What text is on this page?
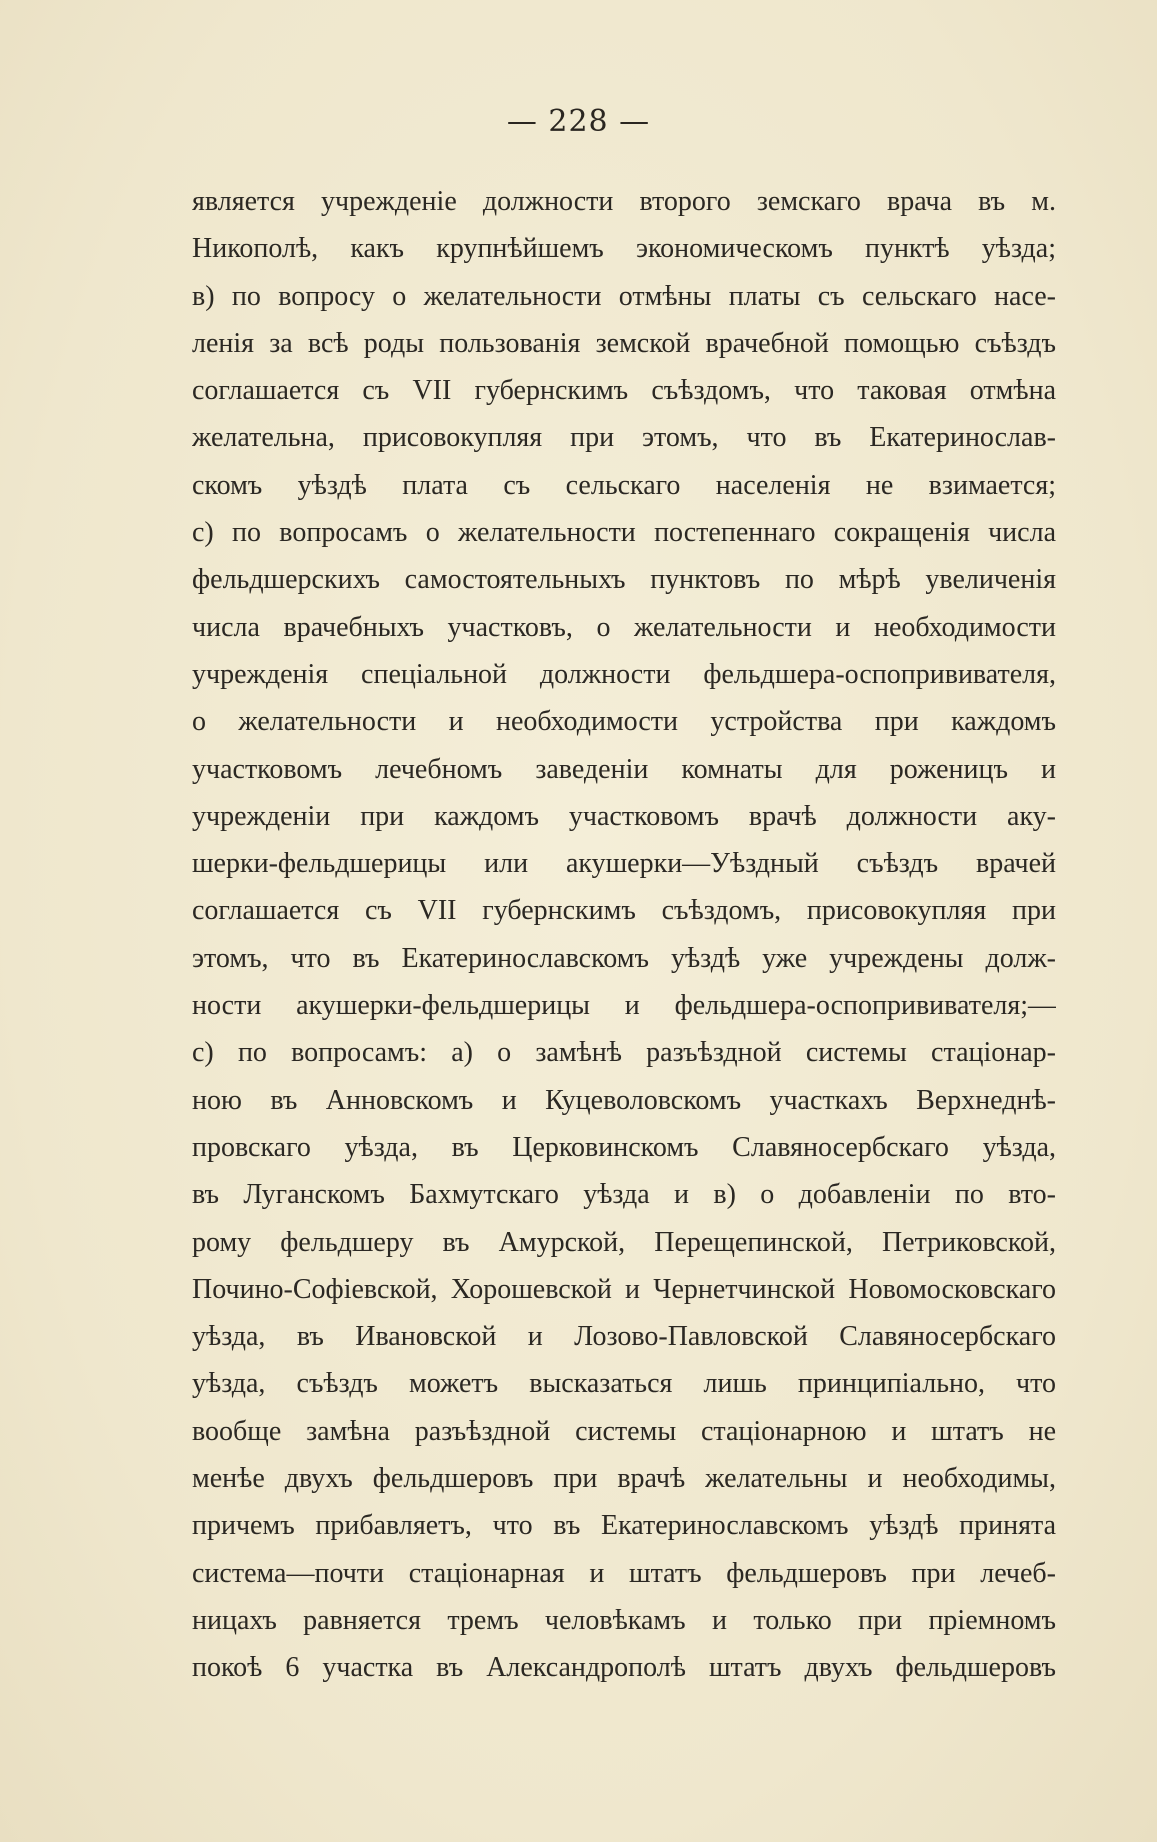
— 228 —
является учрежденіе должности второго земскаго врача въ м.
Никополѣ, какъ крупнѣйшемъ экономическомъ пунктѣ уѣзда;
в) по вопросу о желательности отмѣны платы съ сельскаго насе-
ленія за всѣ роды пользованія земской врачебной помощью съѣздъ
соглашается съ VII губернскимъ съѣздомъ, что таковая отмѣна
желательна, присовокупляя при этомъ, что въ Екатеринослав-
скомъ уѣздѣ плата съ сельскаго населенія не взимается;
с) по вопросамъ о желательности постепеннаго сокращенія числа
фельдшерскихъ самостоятельныхъ пунктовъ по мѣрѣ увеличенія
числа врачебныхъ участковъ, о желательности и необходимости
учрежденія спеціальной должности фельдшера-оспопрививателя,
о желательности и необходимости устройства при каждомъ
участковомъ лечебномъ заведеніи комнаты для роженицъ и
учрежденіи при каждомъ участковомъ врачѣ должности аку-
шерки-фельдшерицы или акушерки—Уѣздный съѣздъ врачей
соглашается съ VII губернскимъ съѣздомъ, присовокупляя при
этомъ, что въ Екатеринославскомъ уѣздѣ уже учреждены долж-
ности акушерки-фельдшерицы и фельдшера-оспопрививателя;—
с) по вопросамъ: а) о замѣнѣ разъѣздной системы стаціонар-
ною въ Анновскомъ и Куцеволовскомъ участкахъ Верхнеднѣ-
провскаго уѣзда, въ Церковинскомъ Славяносербскаго уѣзда,
въ Луганскомъ Бахмутскаго уѣзда и в) о добавленіи по вто-
рому фельдшеру въ Амурской, Перещепинской, Петриковской,
Почино-Софіевской, Хорошевской и Чернетчинской Новомосковскаго
уѣзда, въ Ивановской и Лозово-Павловской Славяносербскаго
уѣзда, съѣздъ можетъ высказаться лишь принципіально, что
вообще замѣна разъѣздной системы стаціонарною и штатъ не
менѣе двухъ фельдшеровъ при врачѣ желательны и необходимы,
причемъ прибавляетъ, что въ Екатеринославскомъ уѣздѣ принята
система—почти стаціонарная и штатъ фельдшеровъ при лечеб-
ницахъ равняется тремъ человѣкамъ и только при пріемномъ
покоѣ 6 участка въ Александрополѣ штатъ двухъ фельдшеровъ
